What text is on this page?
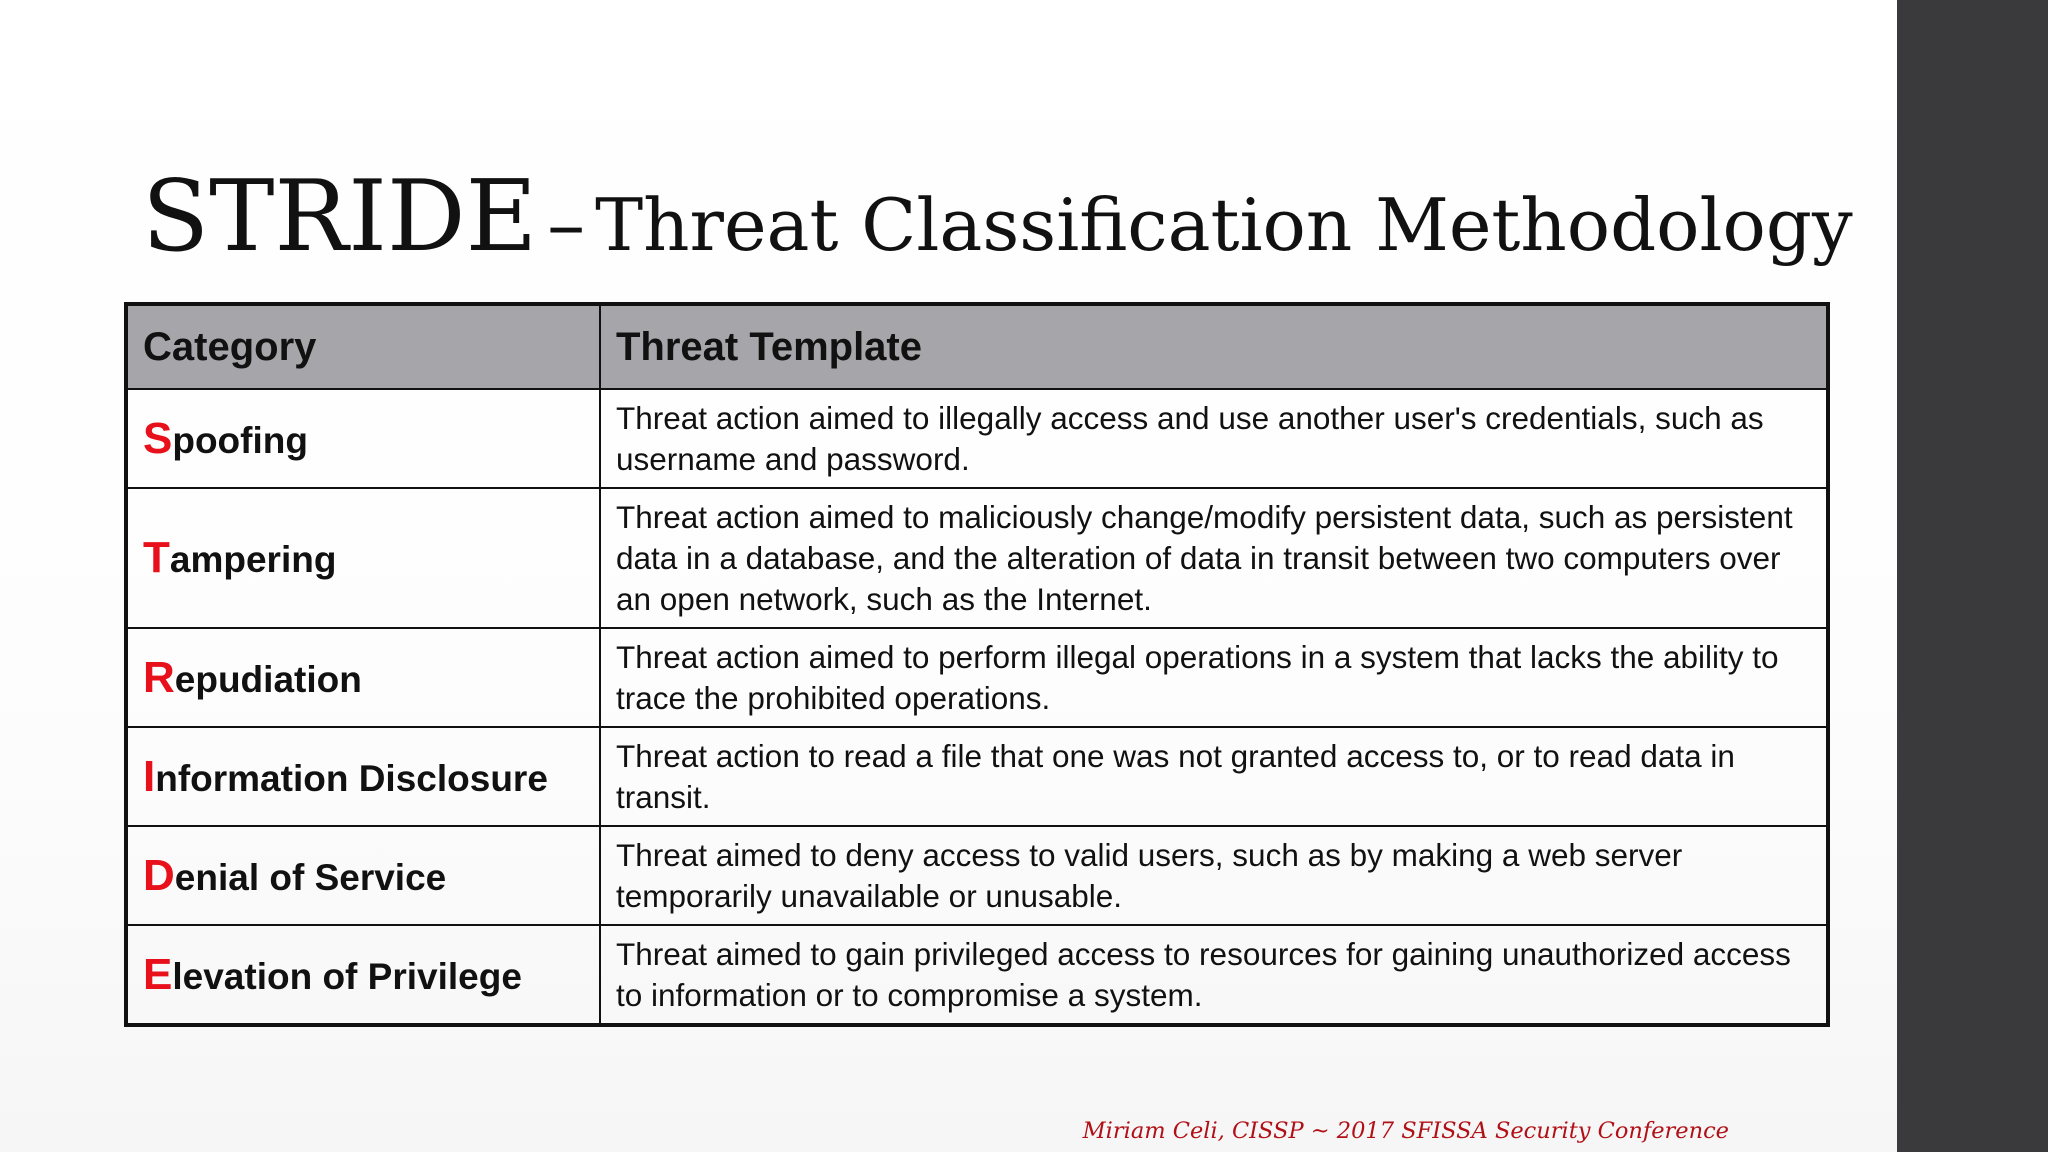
STRIDE – Threat Classification Methodology
Category	Threat Template
Spoofing	Threat action aimed to illegally access and use another user's credentials, such as username and password.
Tampering	Threat action aimed to maliciously change/modify persistent data, such as persistent data in a database, and the alteration of data in transit between two computers over an open network, such as the Internet.
Repudiation	Threat action aimed to perform illegal operations in a system that lacks the ability to trace the prohibited operations.
Information Disclosure	Threat action to read a file that one was not granted access to, or to read data in transit.
Denial of Service	Threat aimed to deny access to valid users, such as by making a web server temporarily unavailable or unusable.
Elevation of Privilege	Threat aimed to gain privileged access to resources for gaining unauthorized access to information or to compromise a system.
Miriam Celi, CISSP ~ 2017 SFISSA Security Conference
